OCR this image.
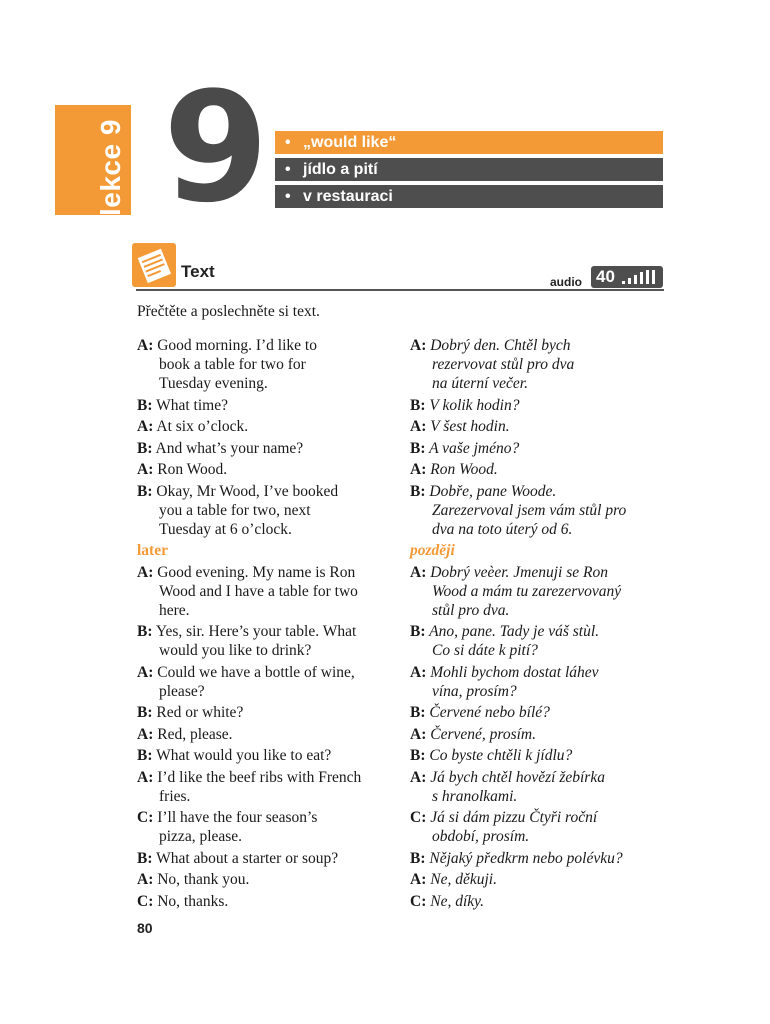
lekce 9 9	• „would like“
• jídlo a pití
• v restauraci
Text
audio 40
Přečtěte a poslechněte si text.
A: Good morning. I’d like to
book a table for two for
Tuesday evening.
B: What time?
A: At six o’clock.
B: And what’s your name?
A: Ron Wood.
B: Okay, Mr Wood, I’ve booked
you a table for two, next
Tuesday at 6 o’clock.
later
A: Good evening. My name is Ron
Wood and I have a table for two
here.
B: Yes, sir. Here’s your table. What
would you like to drink?
A: Could we have a bottle of wine,
please?
B: Red or white?
A: Red, please.
B: What would you like to eat?
A: I’d like the beef ribs with French
fries.
C: I’ll have the four season’s
pizza, please.
B: What about a starter or soup?
A: No, thank you.
C: No, thanks.
A: Dobrý den. Chtěl bych
rezervovat stůl pro dva
na úterní večer.
B: V kolik hodin?
A: V šest hodin.
B: A vaše jméno?
A: Ron Wood.
B: Dobře, pane Woode.
Zarezervoval jsem vám stůl pro
dva na toto úterý od 6.
později
A: Dobrý veèer. Jmenuji se Ron
Wood a mám tu zarezervovaný
stůl pro dva.
B: Ano, pane. Tady je váš stùl.
Co si dáte k pití?
A: Mohli bychom dostat láhev
vína, prosím?
B: Červené nebo bílé?
A: Červené, prosím.
B: Co byste chtěli k jídlu?
A: Já bych chtěl hovězí žebírka
s hranolkami.
C: Já si dám pizzu Čtyři roční
období, prosím.
B: Nějaký předkrm nebo polévku?
A: Ne, děkuji.
C: Ne, díky.
80
